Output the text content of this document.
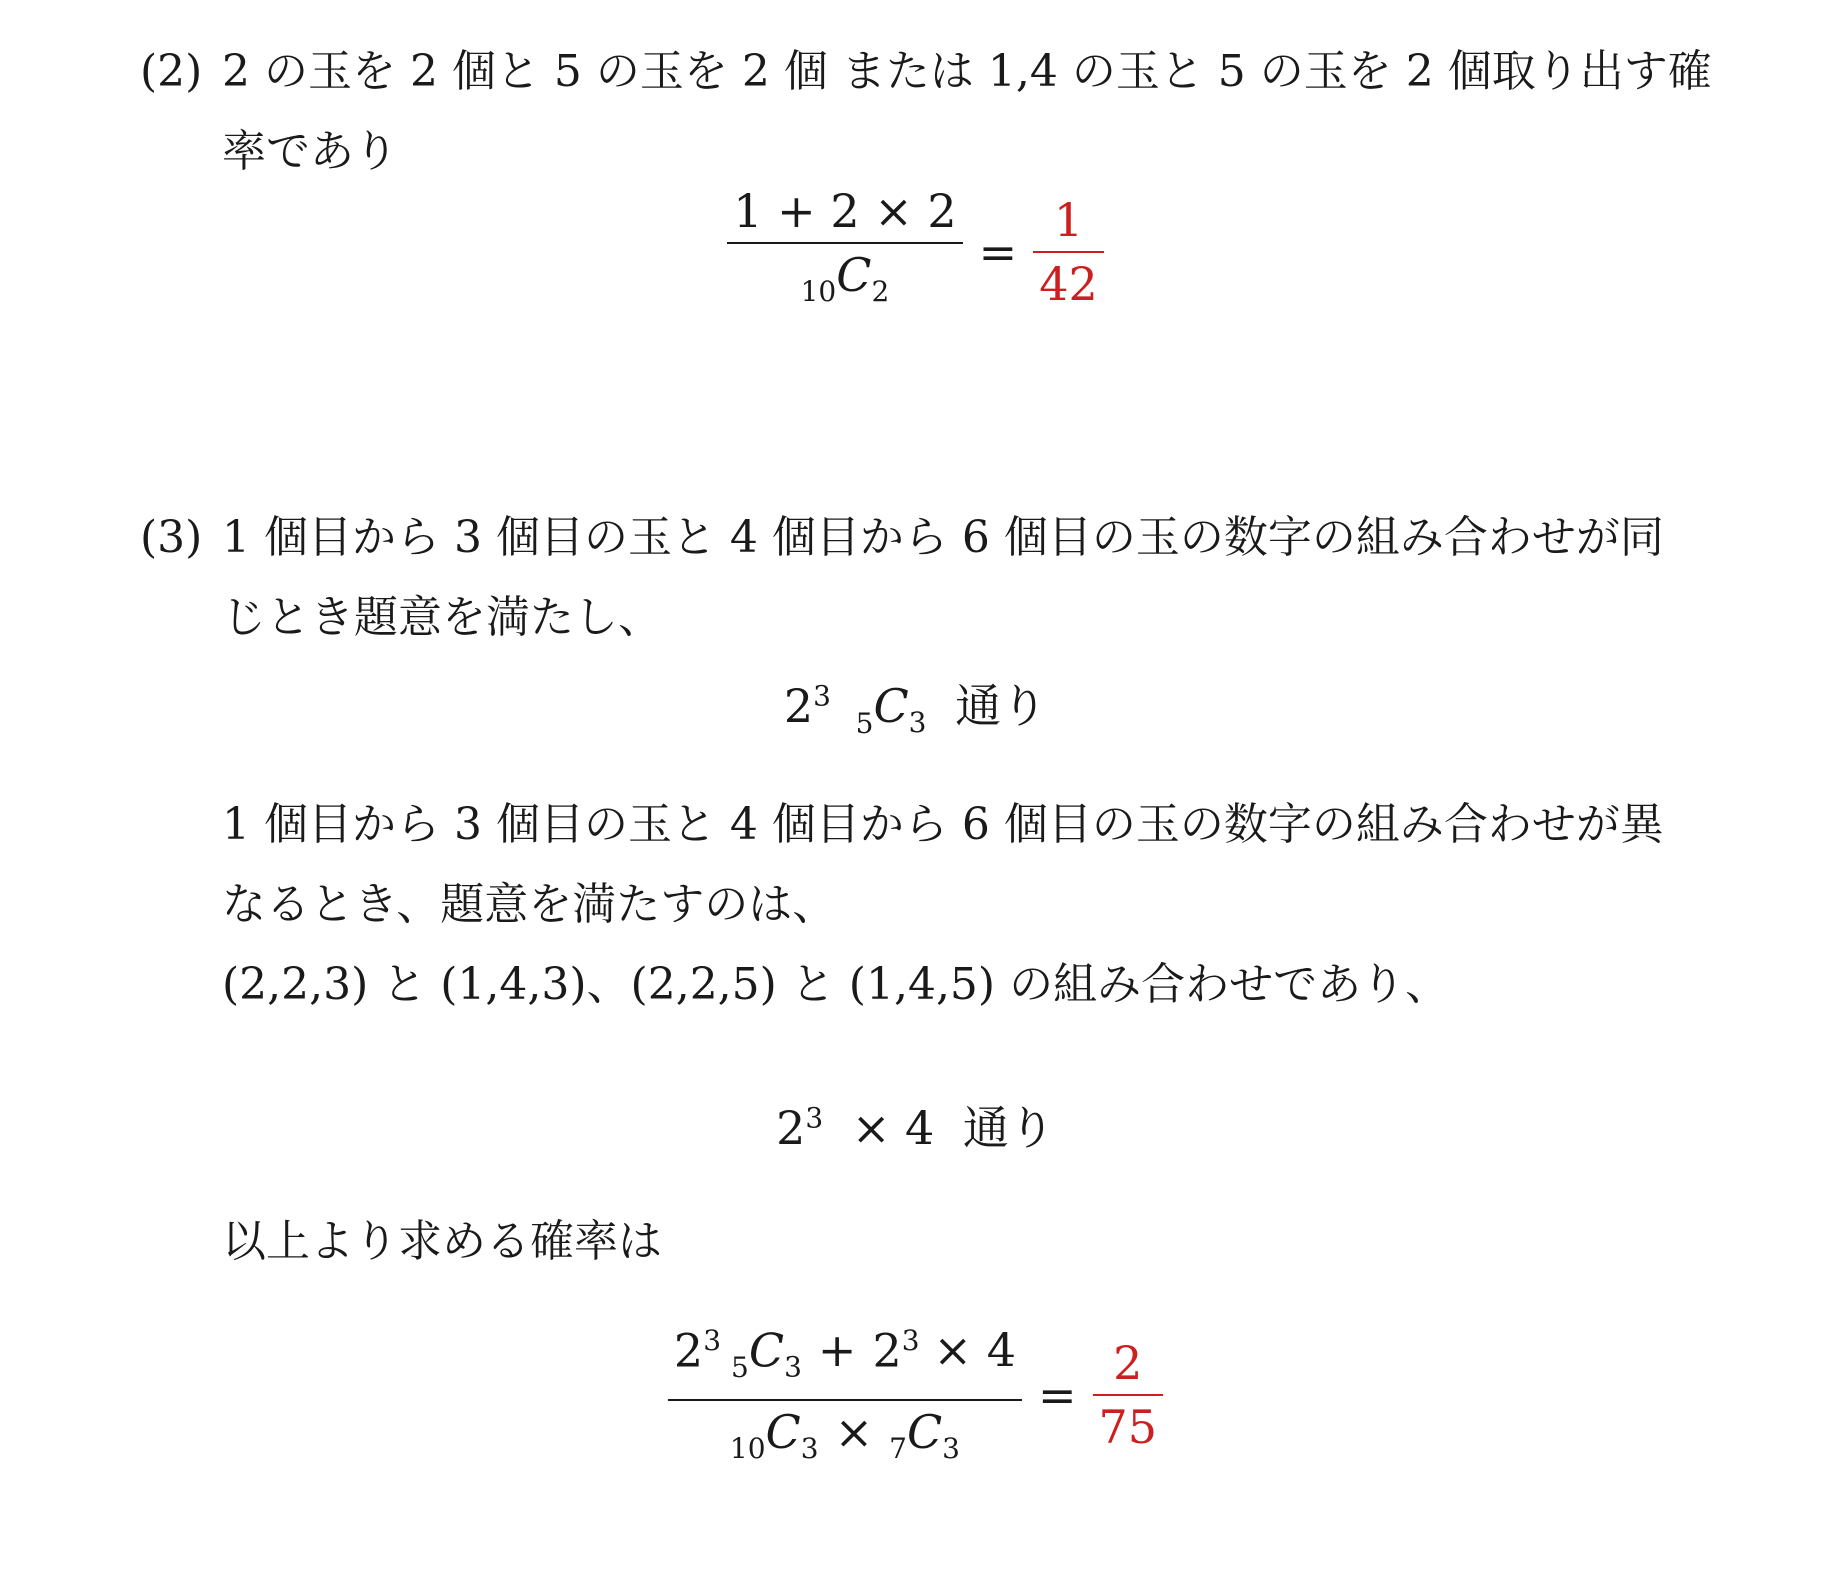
(2) 2 の玉を 2 個と 5 の玉を 2 個 または 1,4 の玉と 5 の玉を 2 個取り出す確
率であり
$\frac{1 + 2 \times 2}{_{10}C_2} = \frac{1}{42}$
(3) 1 個目から 3 個目の玉と 4 個目から 6 個目の玉の数字の組み合わせが同
じとき題意を満たし、
$2^3$ $_5C_3$ 通り
1 個目から 3 個目の玉と 4 個目から 6 個目の玉の数字の組み合わせが異
なるとき、題意を満たすのは、
(2,2,3) と (1,4,3)、(2,2,5) と (1,4,5) の組み合わせであり、
$2^3 \times 4$ 通り
以上より求める確率は
$\frac{2^3_5C_3 + 2^3 \times 4}{_{10}C_3 \times _7C_3} = \frac{2}{75}$
